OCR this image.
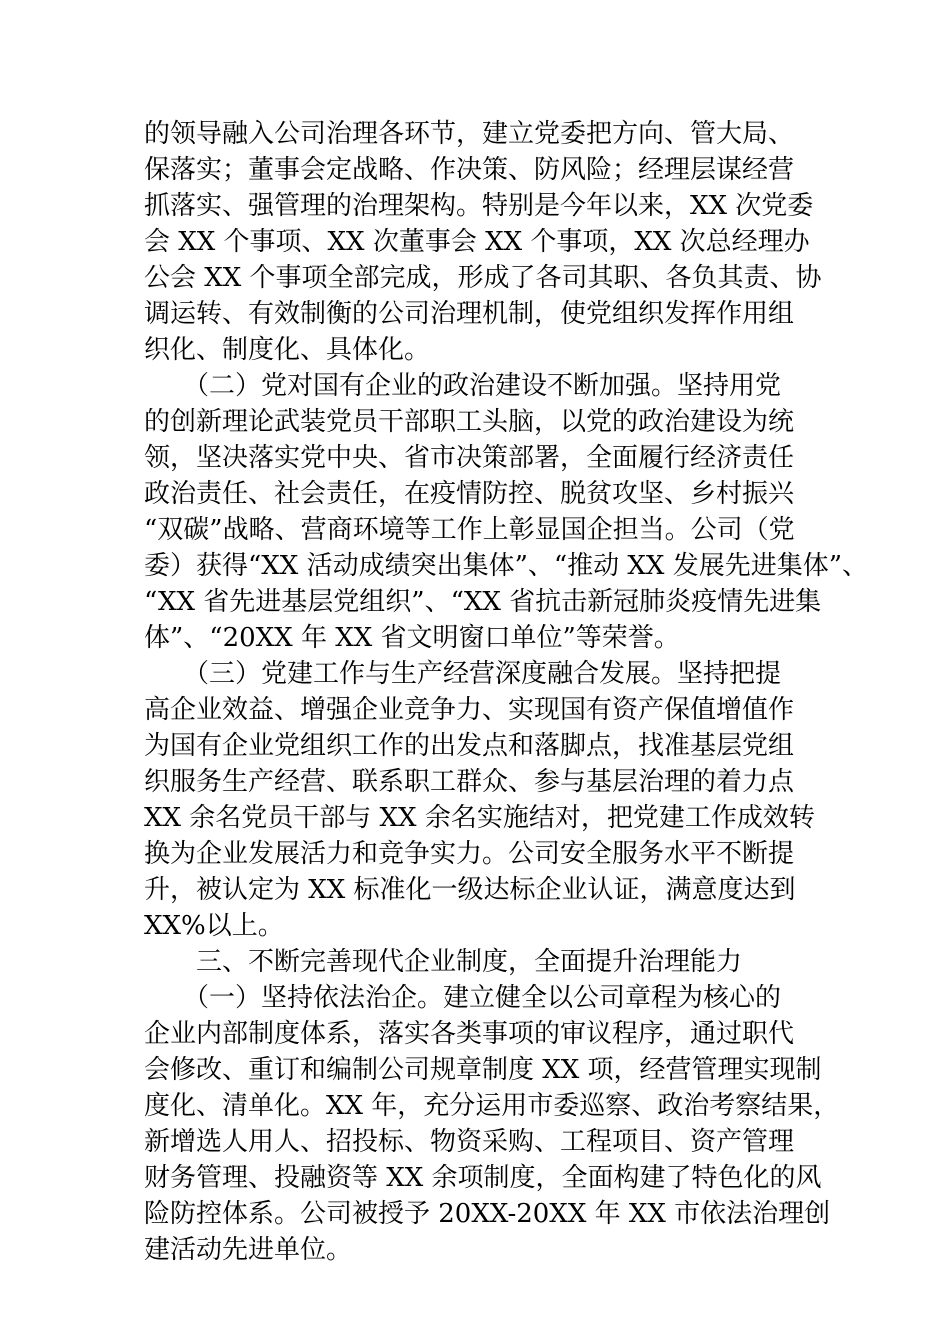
的领导融入公司治理各环节，建立党委把方向、管大局、
保落实；董事会定战略、作决策、防风险；经理层谋经营
抓落实、强管理的治理架构。特别是今年以来，XX 次党委
会 XX 个事项、XX 次董事会 XX 个事项，XX 次总经理办
公会 XX 个事项全部完成，形成了各司其职、各负其责、协
调运转、有效制衡的公司治理机制，使党组织发挥作用组
织化、制度化、具体化。
　　（二）党对国有企业的政治建设不断加强。坚持用党
的创新理论武装党员干部职工头脑，以党的政治建设为统
领，坚决落实党中央、省市决策部署，全面履行经济责任
政治责任、社会责任，在疫情防控、脱贫攻坚、乡村振兴
“双碳”战略、营商环境等工作上彰显国企担当。公司（党
委）获得“XX 活动成绩突出集体”、“推动 XX 发展先进集体”、
“XX 省先进基层党组织”、“XX 省抗击新冠肺炎疫情先进集
体”、“20XX 年 XX 省文明窗口单位”等荣誉。
　　（三）党建工作与生产经营深度融合发展。坚持把提
高企业效益、增强企业竞争力、实现国有资产保值增值作
为国有企业党组织工作的出发点和落脚点，找准基层党组
织服务生产经营、联系职工群众、参与基层治理的着力点
XX 余名党员干部与 XX 余名实施结对，把党建工作成效转
换为企业发展活力和竞争实力。公司安全服务水平不断提
升，被认定为 XX 标准化一级达标企业认证，满意度达到
XX%以上。
　　三、不断完善现代企业制度，全面提升治理能力
　　（一）坚持依法治企。建立健全以公司章程为核心的
企业内部制度体系，落实各类事项的审议程序，通过职代
会修改、重订和编制公司规章制度 XX 项，经营管理实现制
度化、清单化。XX 年，充分运用市委巡察、政治考察结果，
新增选人用人、招投标、物资采购、工程项目、资产管理
财务管理、投融资等 XX 余项制度，全面构建了特色化的风
险防控体系。公司被授予 20XX-20XX 年 XX 市依法治理创
建活动先进单位。
